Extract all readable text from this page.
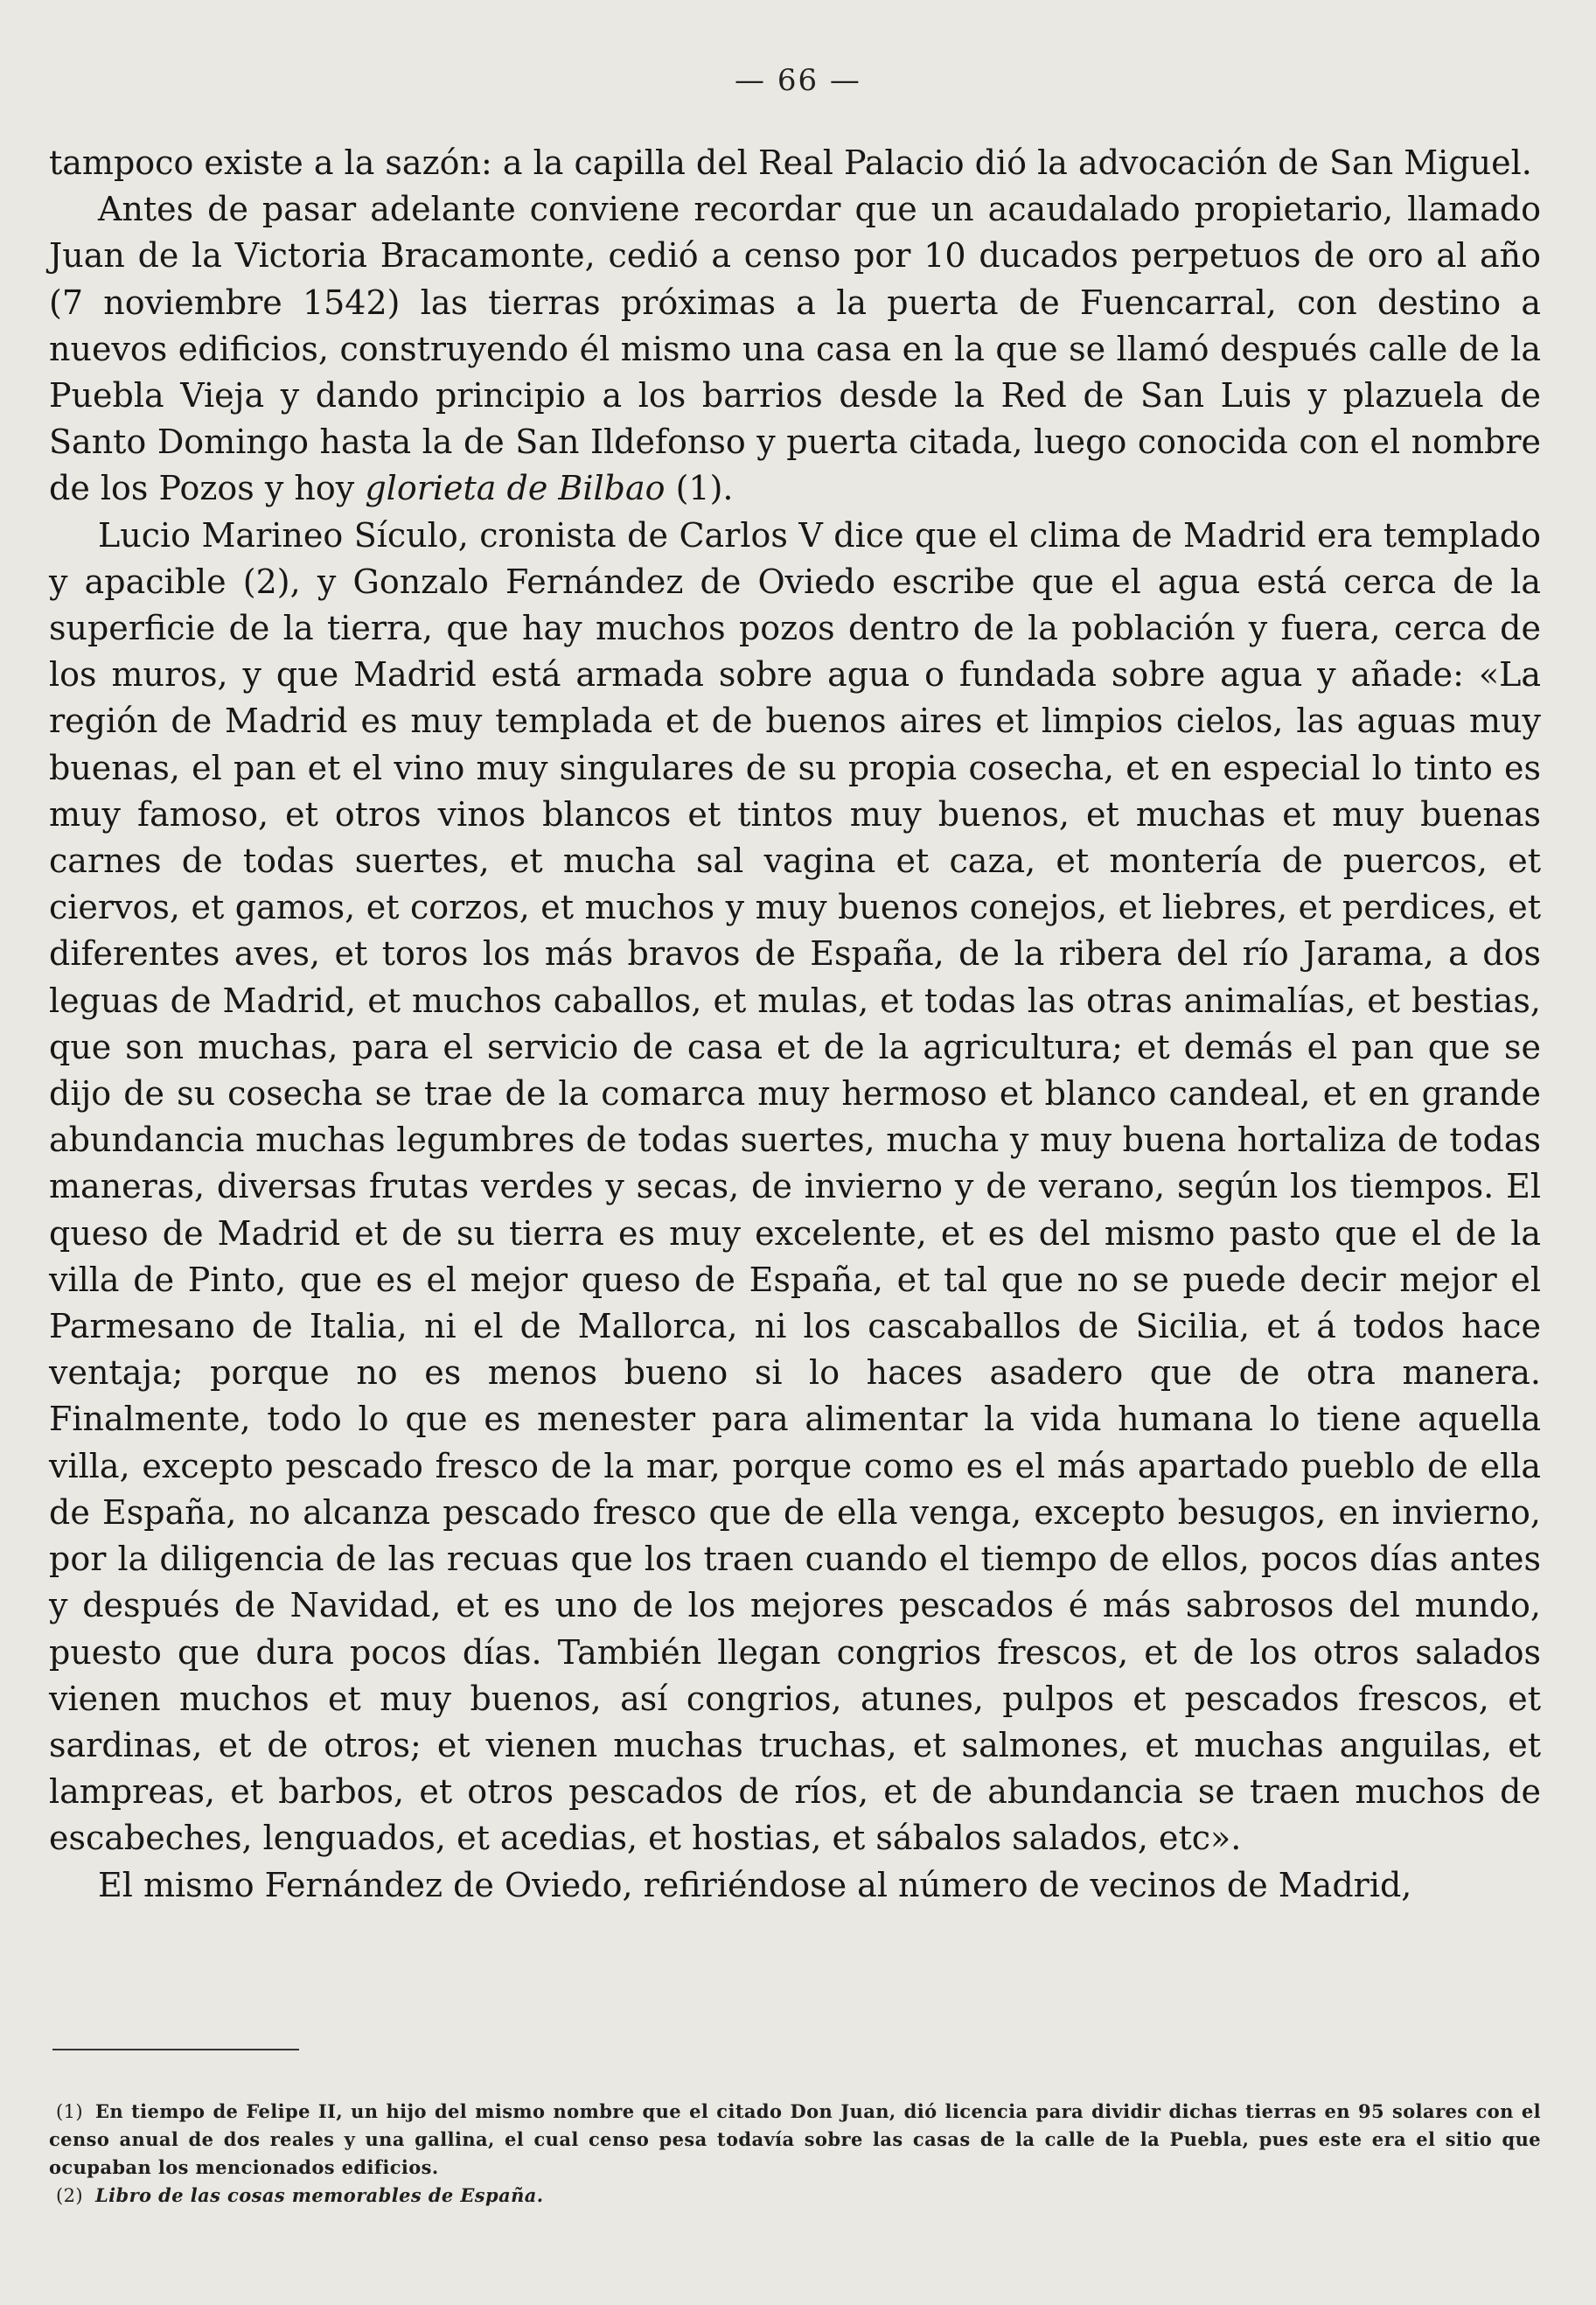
— 66 —

tampoco existe a la sazón: a la capilla del Real Palacio dió la advocación de San Miguel.

Antes de pasar adelante conviene recordar que un acaudalado propietario, llamado Juan de la Victoria Bracamonte, cedió a censo por 10 ducados perpetuos de oro al año (7 noviembre 1542) las tierras próximas a la puerta de Fuencarral, con destino a nuevos edificios, construyendo él mismo una casa en la que se llamó después calle de la Puebla Vieja y dando principio a los barrios desde la Red de San Luis y plazuela de Santo Domingo hasta la de San Ildefonso y puerta citada, luego conocida con el nombre de los Pozos y hoy glorieta de Bilbao (1).

Lucio Marineo Sículo, cronista de Carlos V dice que el clima de Madrid era templado y apacible (2), y Gonzalo Fernández de Oviedo escribe que el agua está cerca de la superficie de la tierra, que hay muchos pozos dentro de la población y fuera, cerca de los muros, y que Madrid está armada sobre agua o fundada sobre agua y añade: «La región de Madrid es muy templada et de buenos aires et limpios cielos, las aguas muy buenas, el pan et el vino muy singulares de su propia cosecha, et en especial lo tinto es muy famoso, et otros vinos blancos et tintos muy buenos, et muchas et muy buenas carnes de todas suertes, et mucha sal vagina et caza, et montería de puercos, et ciervos, et gamos, et corzos, et muchos y muy buenos conejos, et liebres, et perdices, et diferentes aves, et toros los más bravos de España, de la ribera del río Jarama, a dos leguas de Madrid, et muchos caballos, et mulas, et todas las otras animalías, et bestias, que son muchas, para el servicio de casa et de la agricultura; et demás el pan que se dijo de su cosecha se trae de la comarca muy hermoso et blanco candeal, et en grande abundancia muchas legumbres de todas suertes, mucha y muy buena hortaliza de todas maneras, diversas frutas verdes y secas, de invierno y de verano, según los tiempos. El queso de Madrid et de su tierra es muy excelente, et es del mismo pasto que el de la villa de Pinto, que es el mejor queso de España, et tal que no se puede decir mejor el Parmesano de Italia, ni el de Mallorca, ni los cascaballos de Sicilia, et á todos hace ventaja; porque no es menos bueno si lo haces asadero que de otra manera. Finalmente, todo lo que es menester para alimentar la vida humana lo tiene aquella villa, excepto pescado fresco de la mar, porque como es el más apartado pueblo de ella de España, no alcanza pescado fresco que de ella venga, excepto besugos, en invierno, por la diligencia de las recuas que los traen cuando el tiempo de ellos, pocos días antes y después de Navidad, et es uno de los mejores pescados é más sabrosos del mundo, puesto que dura pocos días. También llegan congrios frescos, et de los otros salados vienen muchos et muy buenos, así congrios, atunes, pulpos et pescados frescos, et sardinas, et de otros; et vienen muchas truchas, et salmones, et muchas anguilas, et lampreas, et barbos, et otros pescados de ríos, et de abundancia se traen muchos de escabeches, lenguados, et acedias, et hostias, et sábalos salados, etc».

El mismo Fernández de Oviedo, refiriéndose al número de vecinos de Madrid,

(1) En tiempo de Felipe II, un hijo del mismo nombre que el citado Don Juan, dió licencia para dividir dichas tierras en 95 solares con el censo anual de dos reales y una gallina, el cual censo pesa todavía sobre las casas de la calle de la Puebla, pues este era el sitio que ocupaban los mencionados edificios.

(2) Libro de las cosas memorables de España.
